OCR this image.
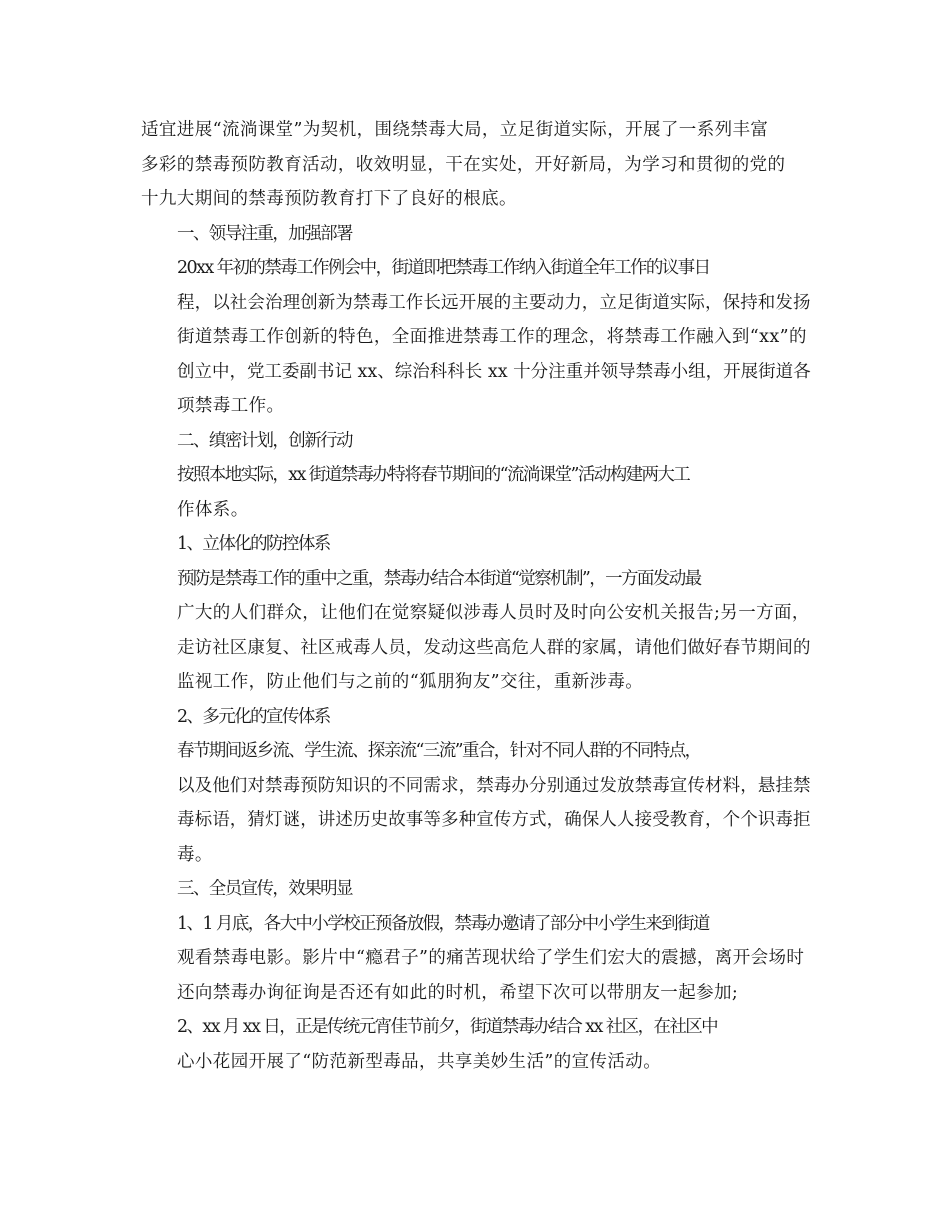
适宜进展“流淌课堂”为契机，围绕禁毒大局，立足街道实际，开展了一系列丰富
多彩的禁毒预防教育活动，收效明显，干在实处，开好新局，为学习和贯彻的党的
十九大期间的禁毒预防教育打下了良好的根底。
一、领导注重，加强部署
20xx 年初的禁毒工作例会中，街道即把禁毒工作纳入街道全年工作的议事日
程，以社会治理创新为禁毒工作长远开展的主要动力，立足街道实际，保持和发扬
街道禁毒工作创新的特色，全面推进禁毒工作的理念，将禁毒工作融入到“xx”的
创立中，党工委副书记 xx、综治科科长 xx 十分注重并领导禁毒小组，开展街道各
项禁毒工作。
二、缜密计划，创新行动
按照本地实际，xx 街道禁毒办特将春节期间的“流淌课堂”活动构建两大工
作体系。
1、立体化的防控体系
预防是禁毒工作的重中之重，禁毒办结合本街道“觉察机制”，一方面发动最
广大的人们群众，让他们在觉察疑似涉毒人员时及时向公安机关报告;另一方面，
走访社区康复、社区戒毒人员，发动这些高危人群的家属，请他们做好春节期间的
监视工作，防止他们与之前的“狐朋狗友”交往，重新涉毒。
2、多元化的宣传体系
春节期间返乡流、学生流、探亲流“三流”重合，针对不同人群的不同特点，
以及他们对禁毒预防知识的不同需求，禁毒办分别通过发放禁毒宣传材料，悬挂禁
毒标语，猜灯谜，讲述历史故事等多种宣传方式，确保人人接受教育，个个识毒拒
毒。
三、全员宣传，效果明显
1、1 月底，各大中小学校正预备放假，禁毒办邀请了部分中小学生来到街道
观看禁毒电影。影片中“瘾君子”的痛苦现状给了学生们宏大的震撼，离开会场时
还向禁毒办询征询是否还有如此的时机，希望下次可以带朋友一起参加;
2、xx 月 xx 日，正是传统元宵佳节前夕，街道禁毒办结合 xx 社区，在社区中
心小花园开展了“防范新型毒品，共享美妙生活”的宣传活动。
